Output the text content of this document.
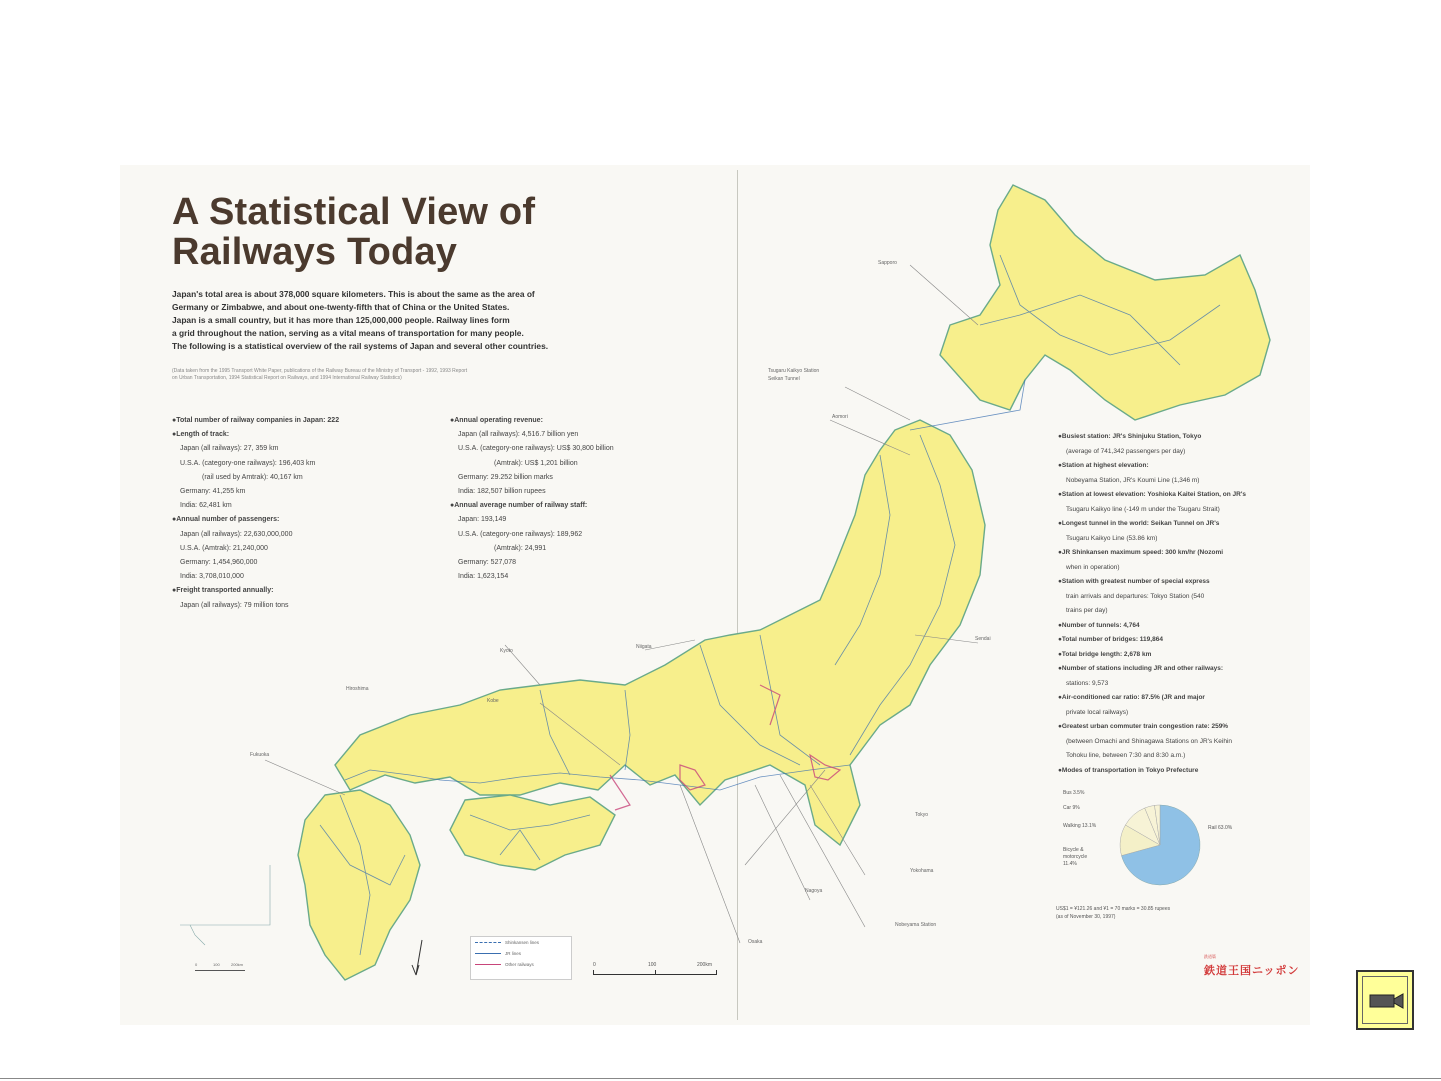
A Statistical View of
Railways Today
Japan's total area is about 378,000 square kilometers. This is about the same as the area of
Germany or Zimbabwe, and about one-twenty-fifth that of China or the United States.
Japan is a small country, but it has more than 125,000,000 people. Railway lines form
a grid throughout the nation, serving as a vital means of transportation for many people.
The following is a statistical overview of the rail systems of Japan and several other countries.
(Data taken from the 1995 Transport White Paper, publications of the Railway Bureau of the Ministry of Transport - 1992, 1993 Report
on Urban Transportation, 1994 Statistical Report on Railways, and 1994 International Railway Statistics)
●Total number of railway companies in Japan: 222
●Length of track:
Japan (all railways): 27, 359 km
U.S.A. (category-one railways): 196,403 km
(rail used by Amtrak): 40,167 km
Germany: 41,255 km
India: 62,481 km
●Annual number of passengers:
Japan (all railways): 22,630,000,000
U.S.A. (Amtrak): 21,240,000
Germany: 1,454,960,000
India: 3,708,010,000
●Freight transported annually:
Japan (all railways): 79 million tons
●Annual operating revenue:
Japan (all railways): 4,516.7 billion yen
U.S.A. (category-one railways): US$ 30,800 billion
(Amtrak): US$ 1,201 billion
Germany: 29.252 billion marks
India: 182,507 billion rupees
●Annual average number of railway staff:
Japan: 193,149
U.S.A. (category-one railways): 189,962
(Amtrak): 24,991
Germany: 527,078
India: 1,623,154
●Busiest station: JR's Shinjuku Station, Tokyo
(average of 741,342 passengers per day)
●Station at highest elevation:
Nobeyama Station, JR's Koumi Line (1,346 m)
●Station at lowest elevation: Yoshioka Kaitei Station, on JR's
Tsugaru Kaikyo line (-149 m under the Tsugaru Strait)
●Longest tunnel in the world: Seikan Tunnel on JR's
Tsugaru Kaikyo Line (53.86 km)
●JR Shinkansen maximum speed: 300 km/hr (Nozomi
when in operation)
●Station with greatest number of special express
train arrivals and departures: Tokyo Station (540
trains per day)
●Number of tunnels: 4,764
●Total number of bridges: 119,864
●Total bridge length: 2,678 km
●Number of stations including JR and other railways:
stations: 9,573
●Air-conditioned car ratio: 87.5% (JR and major
private local railways)
●Greatest urban commuter train congestion rate: 259%
(between Omachi and Shinagawa Stations on JR's Keihin
Tohoku line, between 7:30 and 8:30 a.m.)
●Modes of transportation in Tokyo Prefecture
Sapporo
Tsugaru Kaikyo Station
Seikan Tunnel
Aomori
Sendai
Niigata
Kyoto
Kobe
Hiroshima
Fukuoka
Tokyo
Yokohama
Nagoya
Nobeyama Station
Osaka
Bus 3.5%
Car 9%
Walking 13.1%
Bicycle &
motorcycle
11.4%
Rail 63.0%
US$1 = ¥121.26 and ¥1 = 70 marks = 30.85 rupees
(as of November 30, 1997)
Shinkansen lines
JR lines
Other railways	0	100	200km
0	100	200km
鉄道篇
鉄道王国ニッポン
